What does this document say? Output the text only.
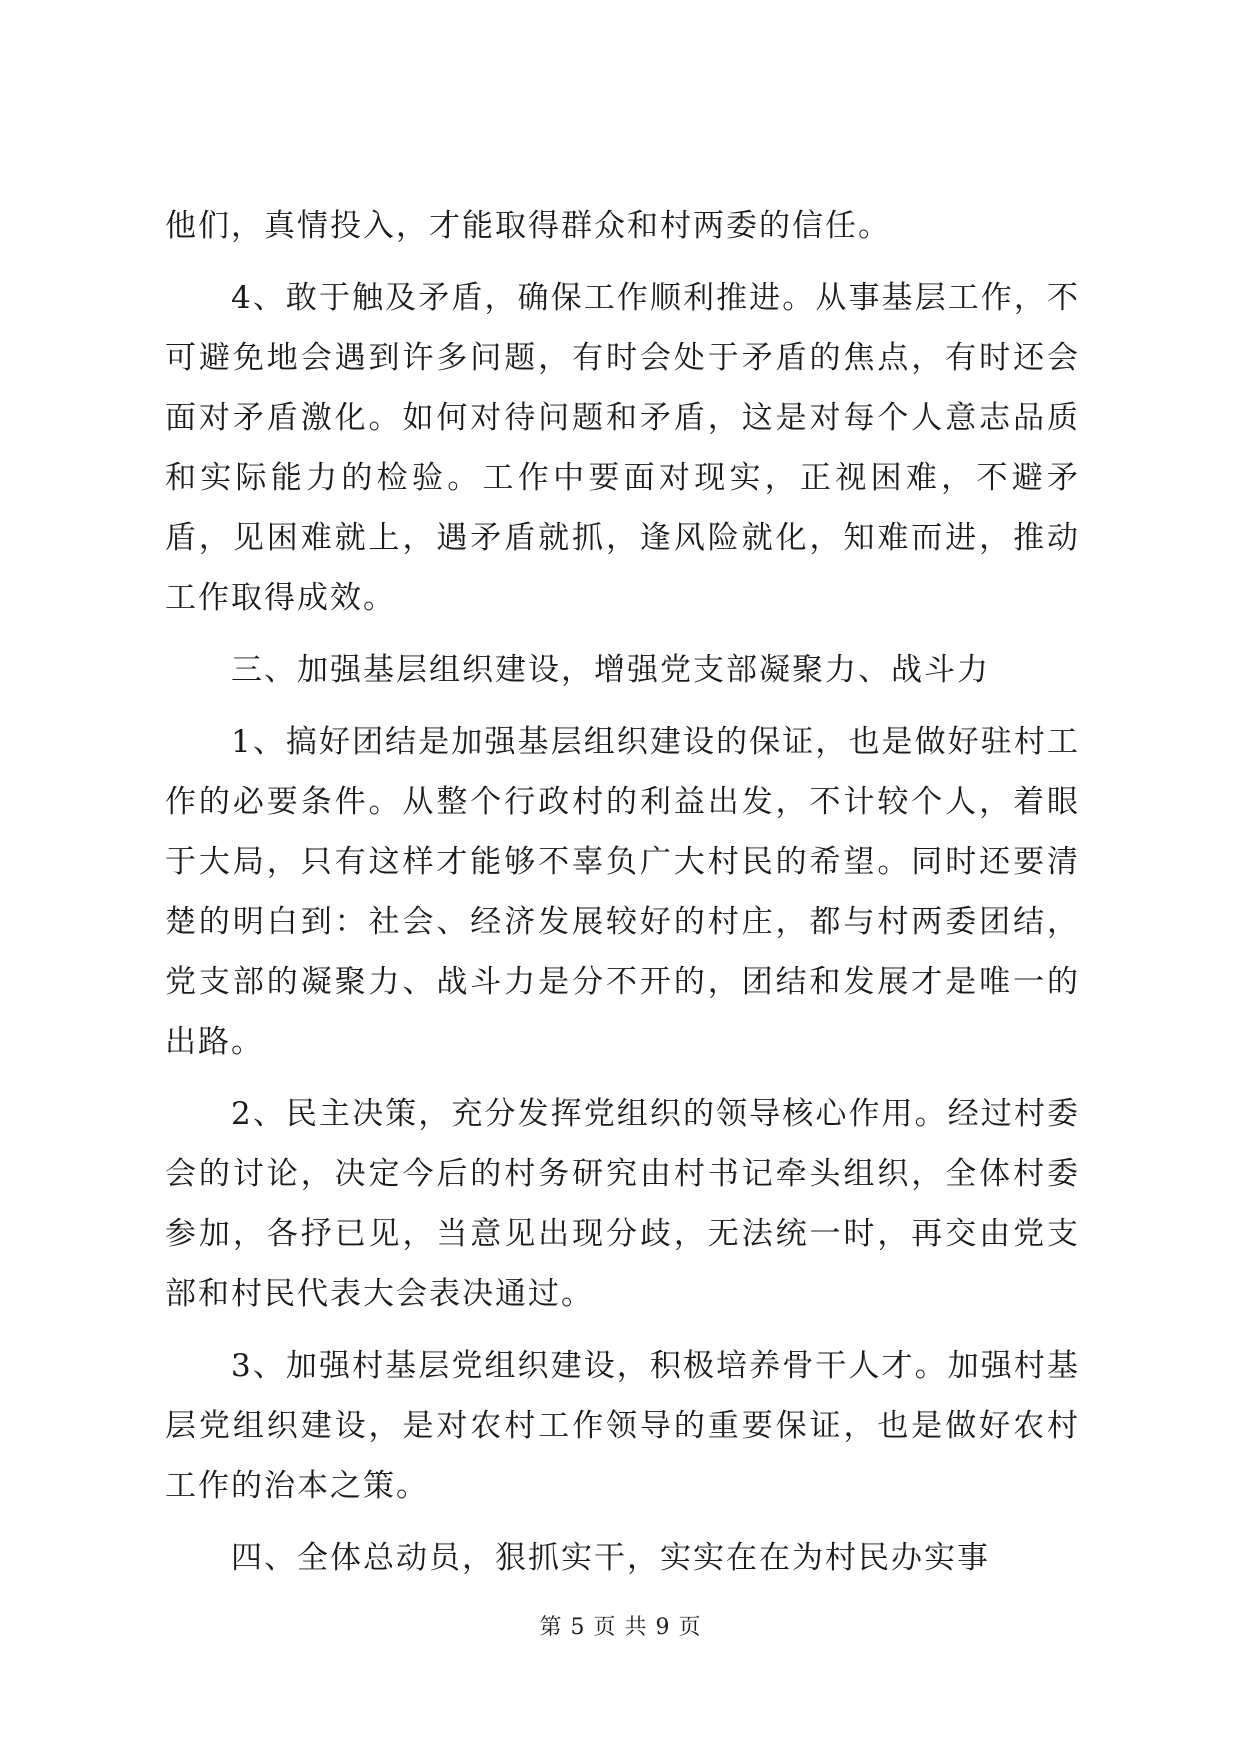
他们，真情投入，才能取得群众和村两委的信任。

4、敢于触及矛盾，确保工作顺利推进。从事基层工作，不可避免地会遇到许多问题，有时会处于矛盾的焦点，有时还会面对矛盾激化。如何对待问题和矛盾，这是对每个人意志品质和实际能力的检验。工作中要面对现实，正视困难，不避矛盾，见困难就上，遇矛盾就抓，逢风险就化，知难而进，推动工作取得成效。

三、加强基层组织建设，增强党支部凝聚力、战斗力

1、搞好团结是加强基层组织建设的保证，也是做好驻村工作的必要条件。从整个行政村的利益出发，不计较个人，着眼于大局，只有这样才能够不辜负广大村民的希望。同时还要清楚的明白到：社会、经济发展较好的村庄，都与村两委团结，党支部的凝聚力、战斗力是分不开的，团结和发展才是唯一的出路。

2、民主决策，充分发挥党组织的领导核心作用。经过村委会的讨论，决定今后的村务研究由村书记牵头组织，全体村委参加，各抒已见，当意见出现分歧，无法统一时，再交由党支部和村民代表大会表决通过。

3、加强村基层党组织建设，积极培养骨干人才。加强村基层党组织建设，是对农村工作领导的重要保证，也是做好农村工作的治本之策。

四、全体总动员，狠抓实干，实实在在为村民办实事

第 5 页 共 9 页
